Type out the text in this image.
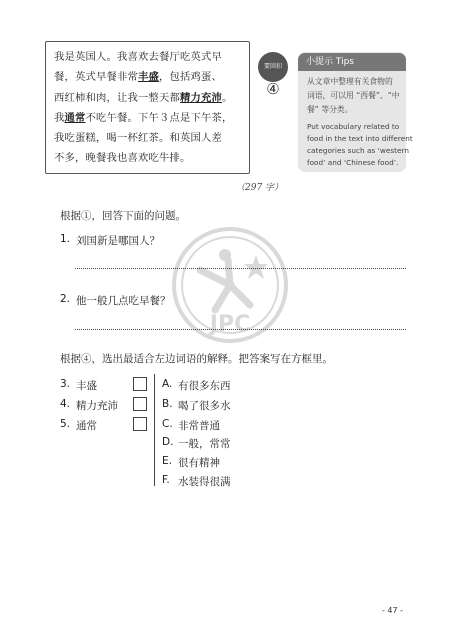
我是英国人。我喜欢去餐厅吃英式早
餐，英式早餐非常丰盛，包括鸡蛋、
西红柿和肉，让我一整天都精力充沛。
我通常不吃午餐。下午３点是下午茶，
我吃蛋糕，喝一杯红茶。和英国人差
不多，晚餐我也喜欢吃牛排。
要回扣
④
小提示 Tips
从文章中整理有关食物的
词语，可以用 “西餐”、“中
餐” 等分类。
Put vocabulary related to
food in the text into different
categories such as ‘western
food’ and ‘Chinese food’.
（297 字）
JPC
根据①，回答下面的问题。
1. 刘国新是哪国人？
2. 他一般几点吃早餐？
根据④，选出最适合左边词语的解释。把答案写在方框里。
3. 丰盛
4. 精力充沛
5. 通常
A. 有很多东西
B. 喝了很多水
C. 非常普通
D. 一般，常常
E. 很有精神
F. 水装得很满
- 47 -
